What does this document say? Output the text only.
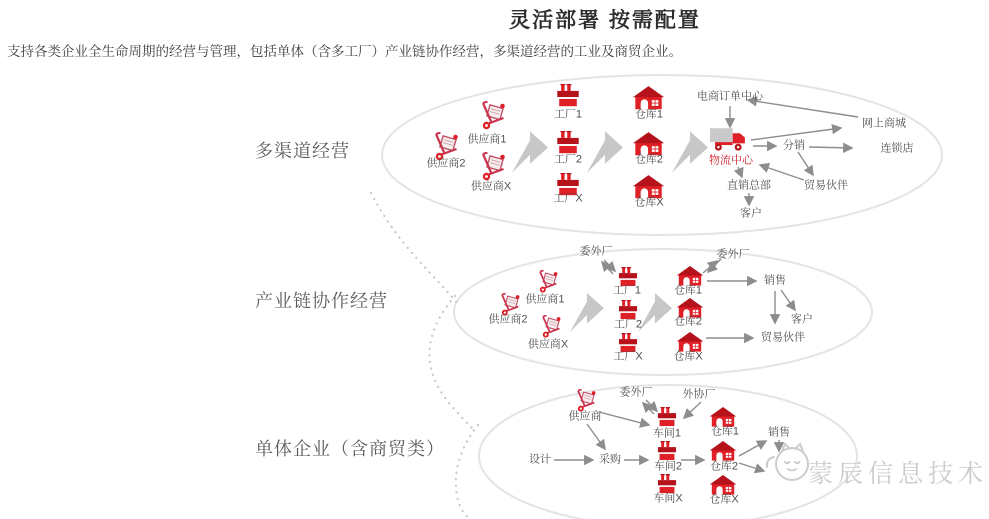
灵活部署 按需配置
支持各类企业全生命周期的经营与管理，包括单体（含多工厂）产业链协作经营，多渠道经营的工业及商贸企业。
多渠道经营
产业链协作经营
单体企业（含商贸类）
供应商1
供应商2
供应商X
工厂1
工厂2
工厂X
仓库1
仓库2
仓库X
电商订单中心
物流中心
网上商城
分销	连锁店
贸易伙伴
直销总部
客户
供应商1
供应商2
供应商X
工厂1
工厂2
工厂X
仓库1
仓库2
仓库X
委外厂	委外厂
销售
客户
贸易伙伴
供应商
委外厂	外协厂
设计	采购
车间1
车间2
车间X
仓库1
仓库2
仓库X
销售
蒙辰信息技术
